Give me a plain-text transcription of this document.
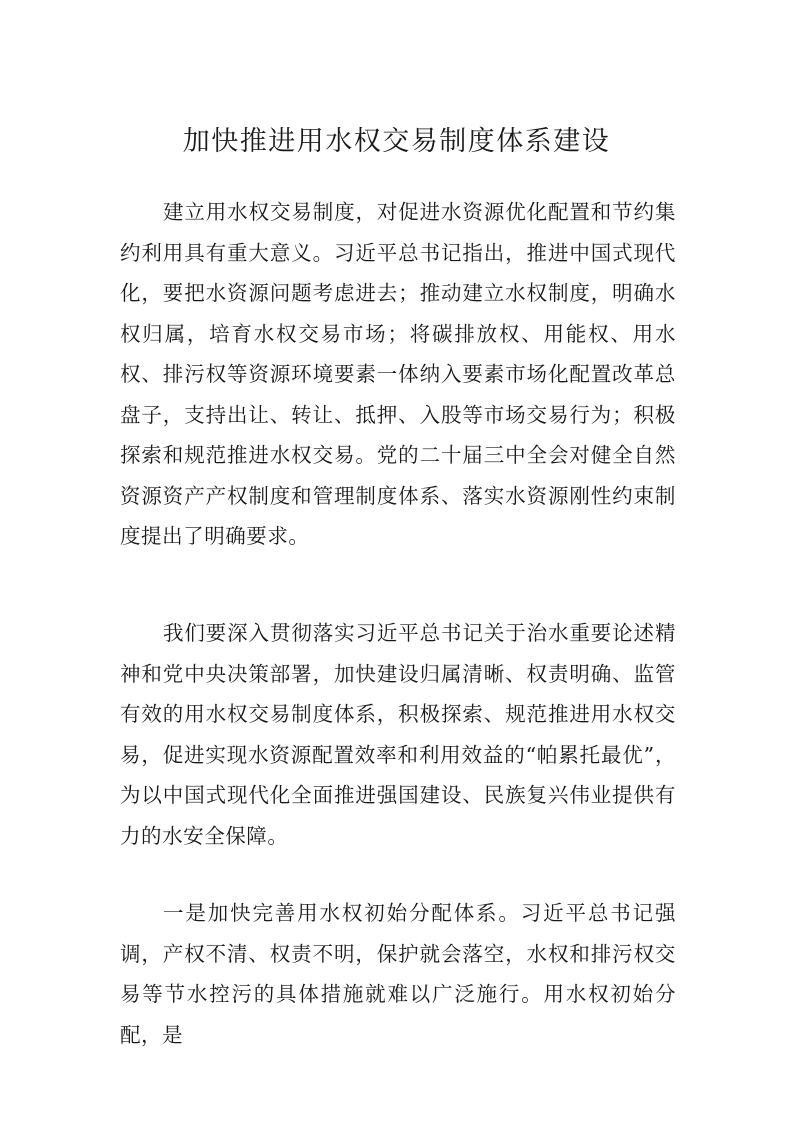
加快推进用水权交易制度体系建设

建立用水权交易制度，对促进水资源优化配置和节约集约利用具有重大意义。习近平总书记指出，推进中国式现代化，要把水资源问题考虑进去；推动建立水权制度，明确水权归属，培育水权交易市场；将碳排放权、用能权、用水权、排污权等资源环境要素一体纳入要素市场化配置改革总盘子，支持出让、转让、抵押、入股等市场交易行为；积极探索和规范推进水权交易。党的二十届三中全会对健全自然资源资产产权制度和管理制度体系、落实水资源刚性约束制度提出了明确要求。

我们要深入贯彻落实习近平总书记关于治水重要论述精神和党中央决策部署，加快建设归属清晰、权责明确、监管有效的用水权交易制度体系，积极探索、规范推进用水权交易，促进实现水资源配置效率和利用效益的“帕累托最优”，为以中国式现代化全面推进强国建设、民族复兴伟业提供有力的水安全保障。

一是加快完善用水权初始分配体系。习近平总书记强调，产权不清、权责不明，保护就会落空，水权和排污权交易等节水控污的具体措施就难以广泛施行。用水权初始分配，是
